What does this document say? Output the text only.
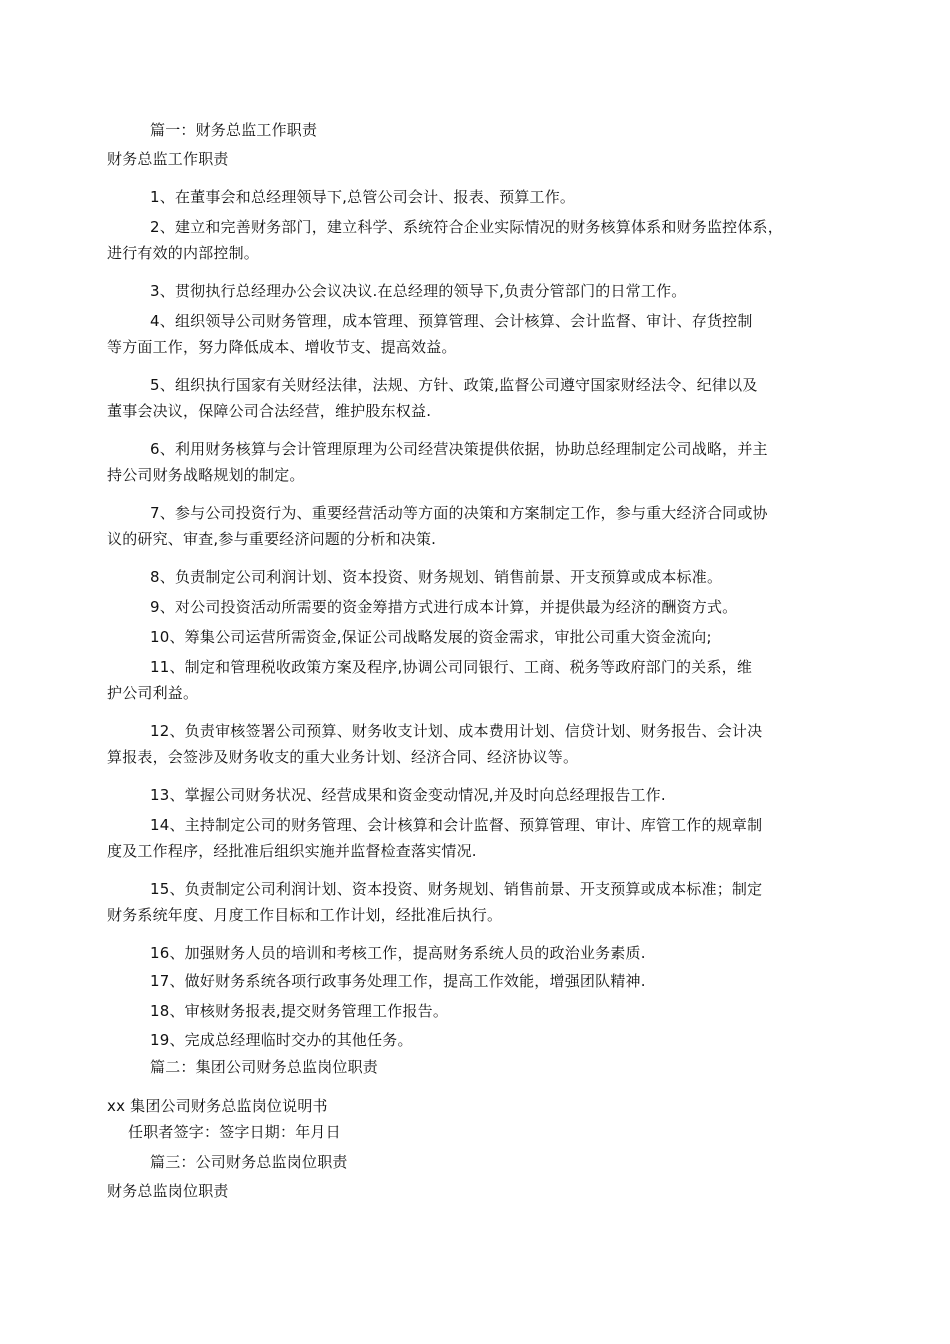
篇一：财务总监工作职责
财务总监工作职责
1、在董事会和总经理领导下,总管公司会计、报表、预算工作。
2、建立和完善财务部门，建立科学、系统符合企业实际情况的财务核算体系和财务监控体系，
进行有效的内部控制。
3、贯彻执行总经理办公会议决议.在总经理的领导下,负责分管部门的日常工作。
4、组织领导公司财务管理，成本管理、预算管理、会计核算、会计监督、审计、存货控制
等方面工作，努力降低成本、增收节支、提高效益。
5、组织执行国家有关财经法律，法规、方针、政策,监督公司遵守国家财经法令、纪律以及
董事会决议，保障公司合法经营，维护股东权益.
6、利用财务核算与会计管理原理为公司经营决策提供依据，协助总经理制定公司战略，并主
持公司财务战略规划的制定。
7、参与公司投资行为、重要经营活动等方面的决策和方案制定工作，参与重大经济合同或协
议的研究、审查,参与重要经济问题的分析和决策.
8、负责制定公司利润计划、资本投资、财务规划、销售前景、开支预算或成本标准。
9、对公司投资活动所需要的资金筹措方式进行成本计算，并提供最为经济的酬资方式。
10、筹集公司运营所需资金,保证公司战略发展的资金需求，审批公司重大资金流向;
11、制定和管理税收政策方案及程序,协调公司同银行、工商、税务等政府部门的关系，维
护公司利益。
12、负责审核签署公司预算、财务收支计划、成本费用计划、信贷计划、财务报告、会计决
算报表，会签涉及财务收支的重大业务计划、经济合同、经济协议等。
13、掌握公司财务状况、经营成果和资金变动情况,并及时向总经理报告工作.
14、主持制定公司的财务管理、会计核算和会计监督、预算管理、审计、库管工作的规章制
度及工作程序，经批准后组织实施并监督检查落实情况.
15、负责制定公司利润计划、资本投资、财务规划、销售前景、开支预算或成本标准；制定
财务系统年度、月度工作目标和工作计划，经批准后执行。
16、加强财务人员的培训和考核工作，提高财务系统人员的政治业务素质.
17、做好财务系统各项行政事务处理工作，提高工作效能，增强团队精神.
18、审核财务报表,提交财务管理工作报告。
19、完成总经理临时交办的其他任务。
篇二：集团公司财务总监岗位职责
xx 集团公司财务总监岗位说明书
任职者签字：签字日期：年月日
篇三：公司财务总监岗位职责
财务总监岗位职责
